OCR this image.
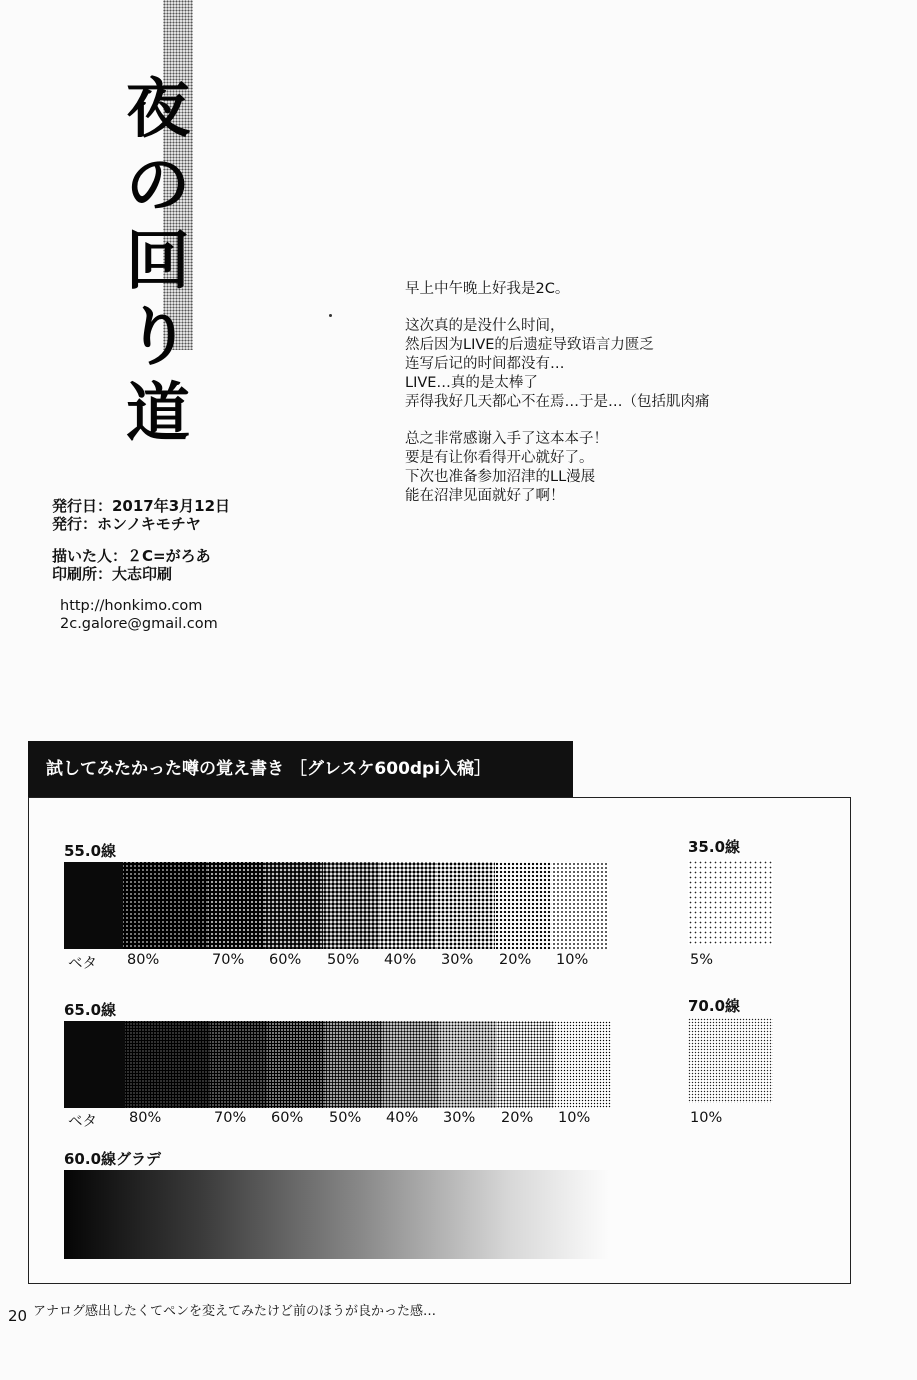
夜
の
回
り
道
発行日：2017年3月12日
発行：ホンノキモチヤ
描いた人：２C=がろあ
印刷所：大志印刷
http://honkimo.com
2c.galore@gmail.com
早上中午晚上好我是2C。
这次真的是没什么时间，
然后因为LIVE的后遗症导致语言力匮乏
连写后记的时间都没有…
LIVE…真的是太棒了
弄得我好几天都心不在焉…于是…（包括肌肉痛
总之非常感谢入手了这本本子！
要是有让你看得开心就好了。
下次也准备参加沼津的LL漫展
能在沼津见面就好了啊！
試してみたかった噂の覚え書き ［グレスケ600dpi入稿］
55.0線
65.0線
60.0線グラデ
35.0線
5%
70.0線
10%
20 アナログ感出したくてペンを変えてみたけど前のほうが良かった感…
ベタ 80%	70% 60% 50% 40% 30% 20% 10%
ベタ 80%	70% 60% 50% 40% 30% 20% 10%
